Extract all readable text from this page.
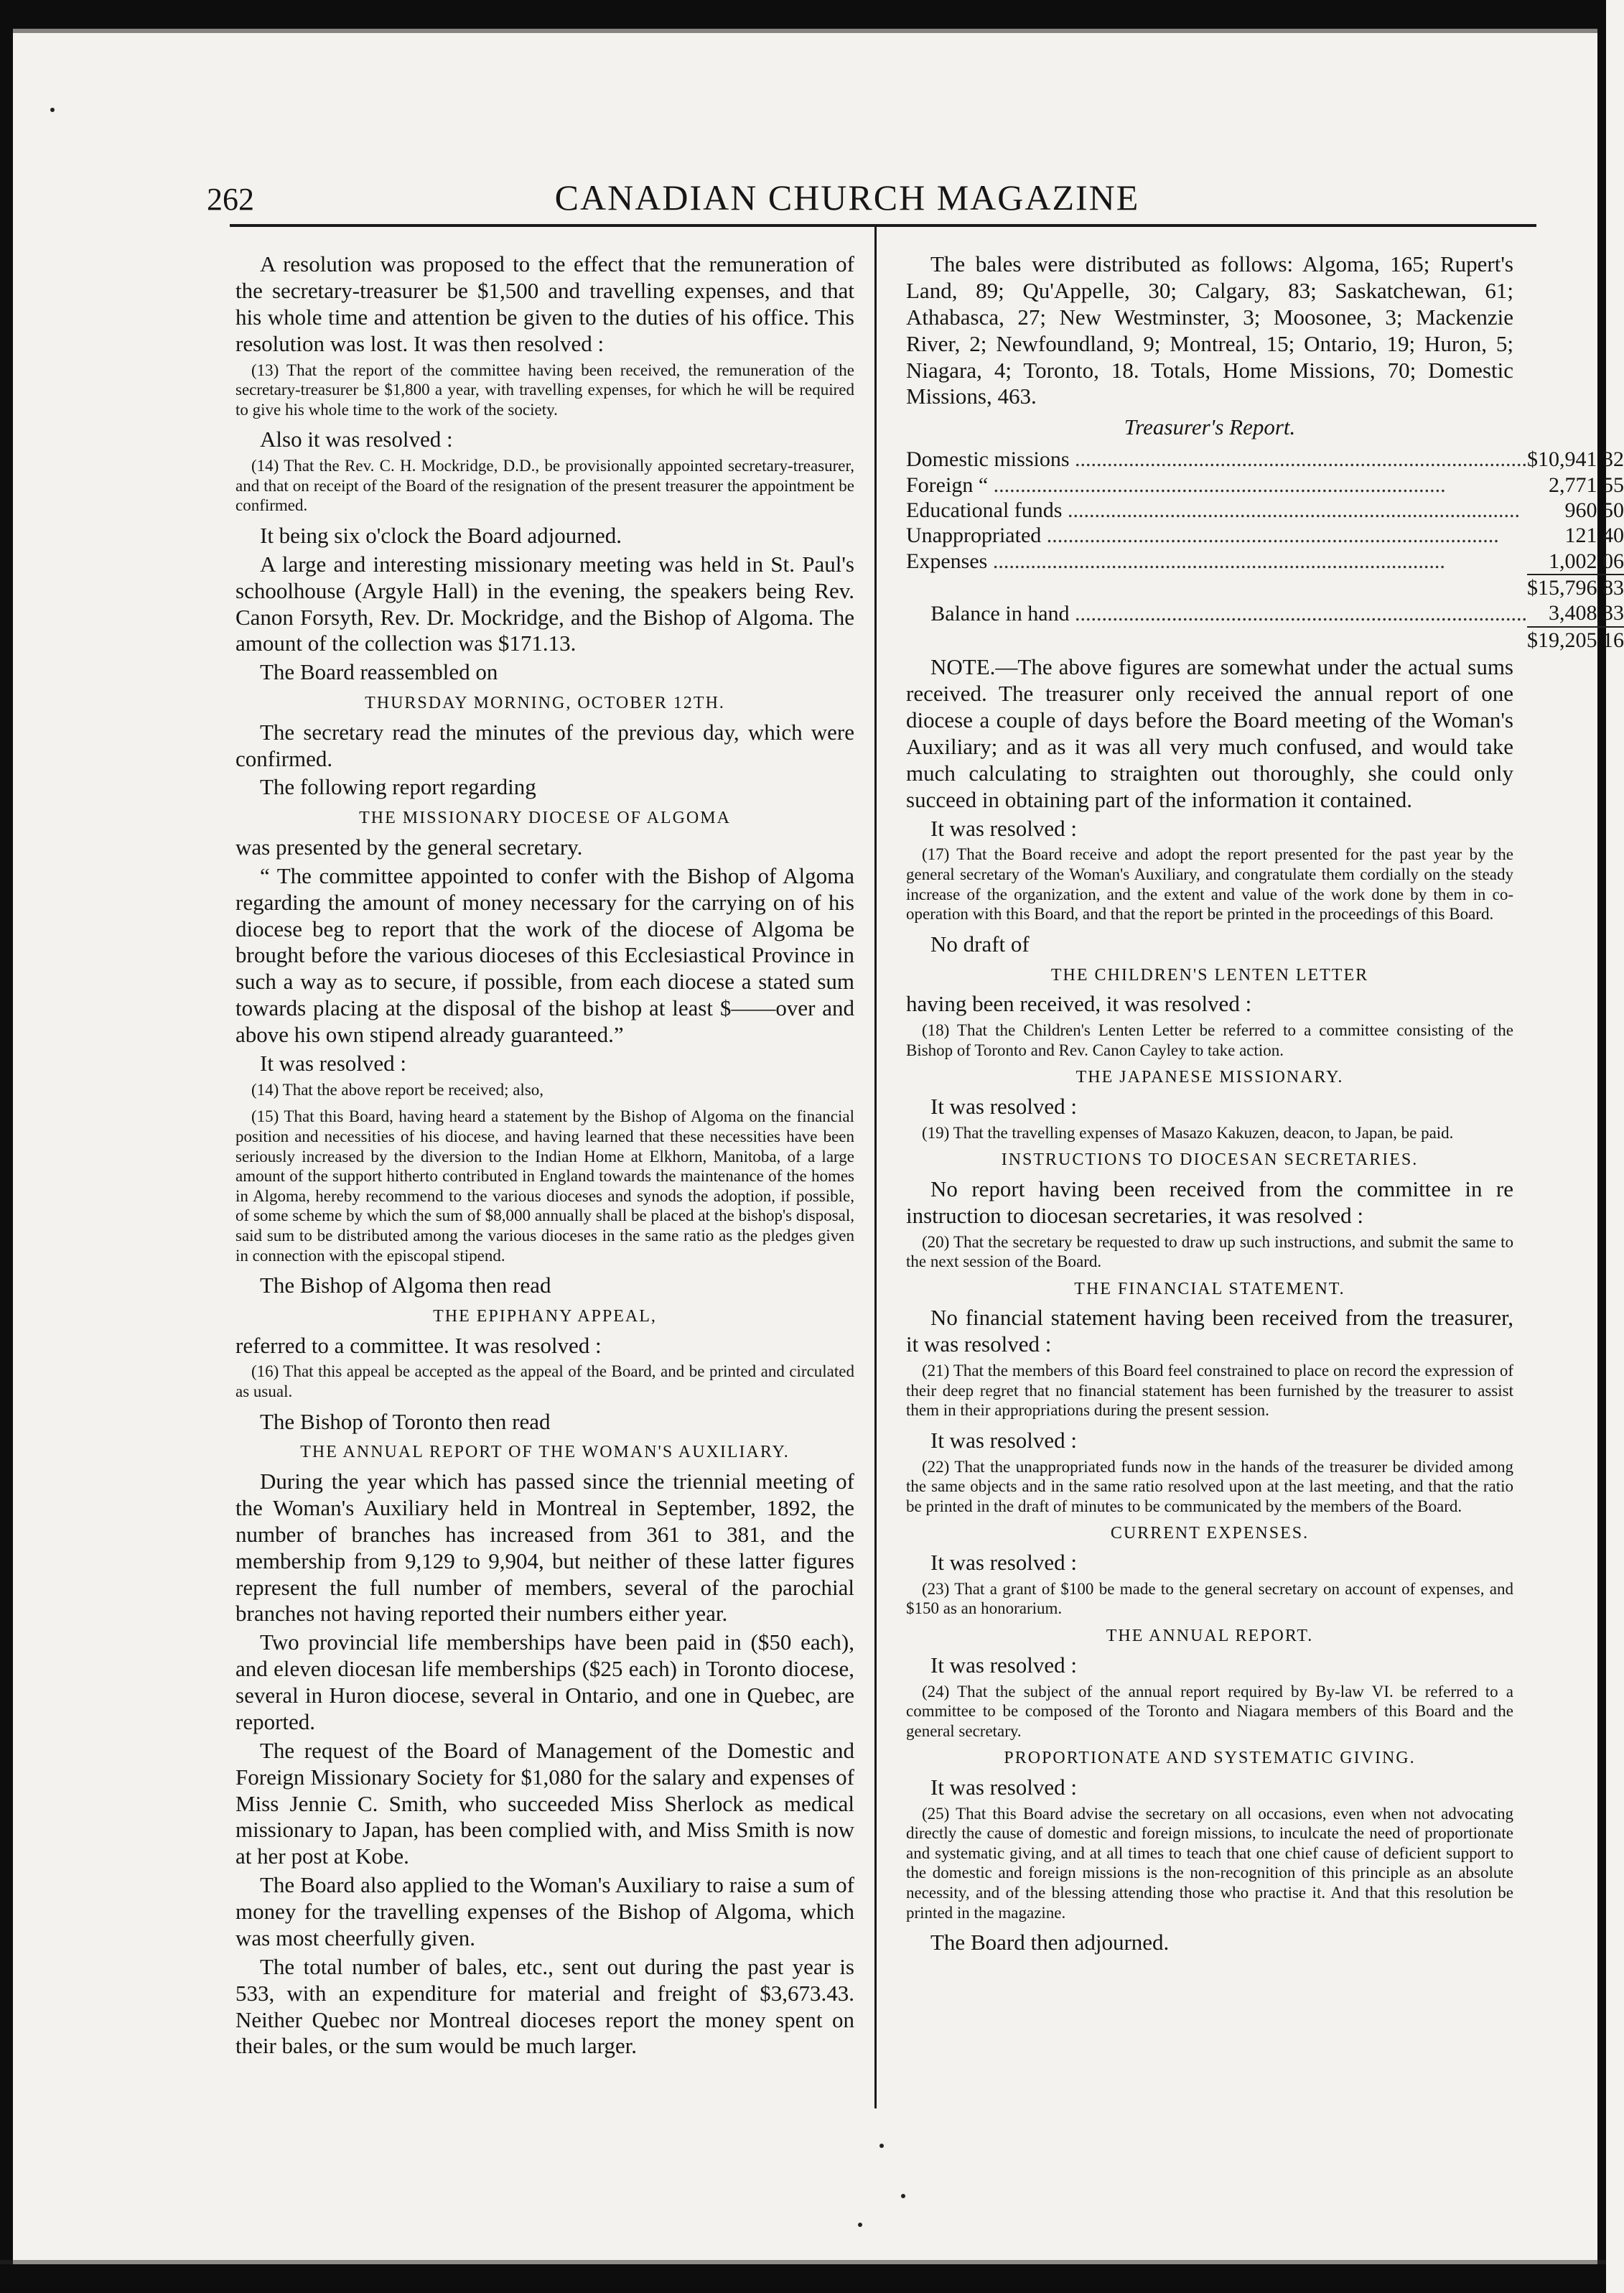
262	CANADIAN CHURCH MAGAZINE

A resolution was proposed to the effect that the remuneration of the secretary-treasurer be $1,500 and travelling expenses, and that his whole time and attention be given to the duties of his office. This resolution was lost. It was then resolved :

(13) That the report of the committee having been received, the remuneration of the secretary-treasurer be $1,800 a year, with travelling expenses, for which he will be required to give his whole time to the work of the society.

Also it was resolved :

(14) That the Rev. C. H. Mockridge, D.D., be provisionally appointed secretary-treasurer, and that on receipt of the Board of the resignation of the present treasurer the appointment be confirmed.

It being six o'clock the Board adjourned.

A large and interesting missionary meeting was held in St. Paul's schoolhouse (Argyle Hall) in the evening, the speakers being Rev. Canon Forsyth, Rev. Dr. Mockridge, and the Bishop of Algoma. The amount of the collection was $171.13.

The Board reassembled on

THURSDAY MORNING, OCTOBER 12TH.

The secretary read the minutes of the previous day, which were confirmed.

The following report regarding

THE MISSIONARY DIOCESE OF ALGOMA

was presented by the general secretary.

“ The committee appointed to confer with the Bishop of Algoma regarding the amount of money necessary for the carrying on of his diocese beg to report that the work of the diocese of Algoma be brought before the various dioceses of this Ecclesiastical Province in such a way as to secure, if possible, from each diocese a stated sum towards placing at the disposal of the bishop at least $——over and above his own stipend already guaranteed.”

It was resolved :

(14) That the above report be received; also,

(15) That this Board, having heard a statement by the Bishop of Algoma on the financial position and necessities of his diocese, and having learned that these necessities have been seriously increased by the diversion to the Indian Home at Elkhorn, Manitoba, of a large amount of the support hitherto contributed in England towards the maintenance of the homes in Algoma, hereby recommend to the various dioceses and synods the adoption, if possible, of some scheme by which the sum of $8,000 annually shall be placed at the bishop's disposal, said sum to be distributed among the various dioceses in the same ratio as the pledges given in connection with the episcopal stipend.

The Bishop of Algoma then read

THE EPIPHANY APPEAL,

referred to a committee. It was resolved :

(16) That this appeal be accepted as the appeal of the Board, and be printed and circulated as usual.

The Bishop of Toronto then read

THE ANNUAL REPORT OF THE WOMAN'S AUXILIARY.

During the year which has passed since the triennial meeting of the Woman's Auxiliary held in Montreal in September, 1892, the number of branches has increased from 361 to 381, and the membership from 9,129 to 9,904, but neither of these latter figures represent the full number of members, several of the parochial branches not having reported their numbers either year.

Two provincial life memberships have been paid in ($50 each), and eleven diocesan life memberships ($25 each) in Toronto diocese, several in Huron diocese, several in Ontario, and one in Quebec, are reported.

The request of the Board of Management of the Domestic and Foreign Missionary Society for $1,080 for the salary and expenses of Miss Jennie C. Smith, who succeeded Miss Sherlock as medical missionary to Japan, has been complied with, and Miss Smith is now at her post at Kobe.

The Board also applied to the Woman's Auxiliary to raise a sum of money for the travelling expenses of the Bishop of Algoma, which was most cheerfully given.

The total number of bales, etc., sent out during the past year is 533, with an expenditure for material and freight of $3,673.43. Neither Quebec nor Montreal dioceses report the money spent on their bales, or the sum would be much larger.

The bales were distributed as follows: Algoma, 165; Rupert's Land, 89; Qu'Appelle, 30; Calgary, 83; Saskatchewan, 61; Athabasca, 27; New Westminster, 3; Moosonee, 3; Mackenzie River, 2; Newfoundland, 9; Montreal, 15; Ontario, 19; Huron, 5; Niagara, 4; Toronto, 18. Totals, Home Missions, 70; Domestic Missions, 463.

Treasurer's Report.
Domestic missions .....	$10,941 32
Foreign “ .....	2,771 55
Educational funds .....	960 50
Unappropriated .....	121 40
Expenses .....	1,002 06
	$15,796 83
Balance in hand .....	3,408 33
	$19,205 16

NOTE.—The above figures are somewhat under the actual sums received. The treasurer only received the annual report of one diocese a couple of days before the Board meeting of the Woman's Auxiliary; and as it was all very much confused, and would take much calculating to straighten out thoroughly, she could only succeed in obtaining part of the information it contained.

It was resolved :

(17) That the Board receive and adopt the report presented for the past year by the general secretary of the Woman's Auxiliary, and congratulate them cordially on the steady increase of the organization, and the extent and value of the work done by them in co-operation with this Board, and that the report be printed in the proceedings of this Board.

No draft of

THE CHILDREN'S LENTEN LETTER

having been received, it was resolved :

(18) That the Children's Lenten Letter be referred to a committee consisting of the Bishop of Toronto and Rev. Canon Cayley to take action.

THE JAPANESE MISSIONARY.

It was resolved :

(19) That the travelling expenses of Masazo Kakuzen, deacon, to Japan, be paid.

INSTRUCTIONS TO DIOCESAN SECRETARIES.

No report having been received from the committee in re instruction to diocesan secretaries, it was resolved :

(20) That the secretary be requested to draw up such instructions, and submit the same to the next session of the Board.

THE FINANCIAL STATEMENT.

No financial statement having been received from the treasurer, it was resolved :

(21) That the members of this Board feel constrained to place on record the expression of their deep regret that no financial statement has been furnished by the treasurer to assist them in their appropriations during the present session.

It was resolved :

(22) That the unappropriated funds now in the hands of the treasurer be divided among the same objects and in the same ratio resolved upon at the last meeting, and that the ratio be printed in the draft of minutes to be communicated by the members of the Board.

CURRENT EXPENSES.

It was resolved :

(23) That a grant of $100 be made to the general secretary on account of expenses, and $150 as an honorarium.

THE ANNUAL REPORT.

It was resolved :

(24) That the subject of the annual report required by By-law VI. be referred to a committee to be composed of the Toronto and Niagara members of this Board and the general secretary.

PROPORTIONATE AND SYSTEMATIC GIVING.

It was resolved :

(25) That this Board advise the secretary on all occasions, even when not advocating directly the cause of domestic and foreign missions, to inculcate the need of proportionate and systematic giving, and at all times to teach that one chief cause of deficient support to the domestic and foreign missions is the non-recognition of this principle as an absolute necessity, and of the blessing attending those who practise it. And that this resolution be printed in the magazine.

The Board then adjourned.
